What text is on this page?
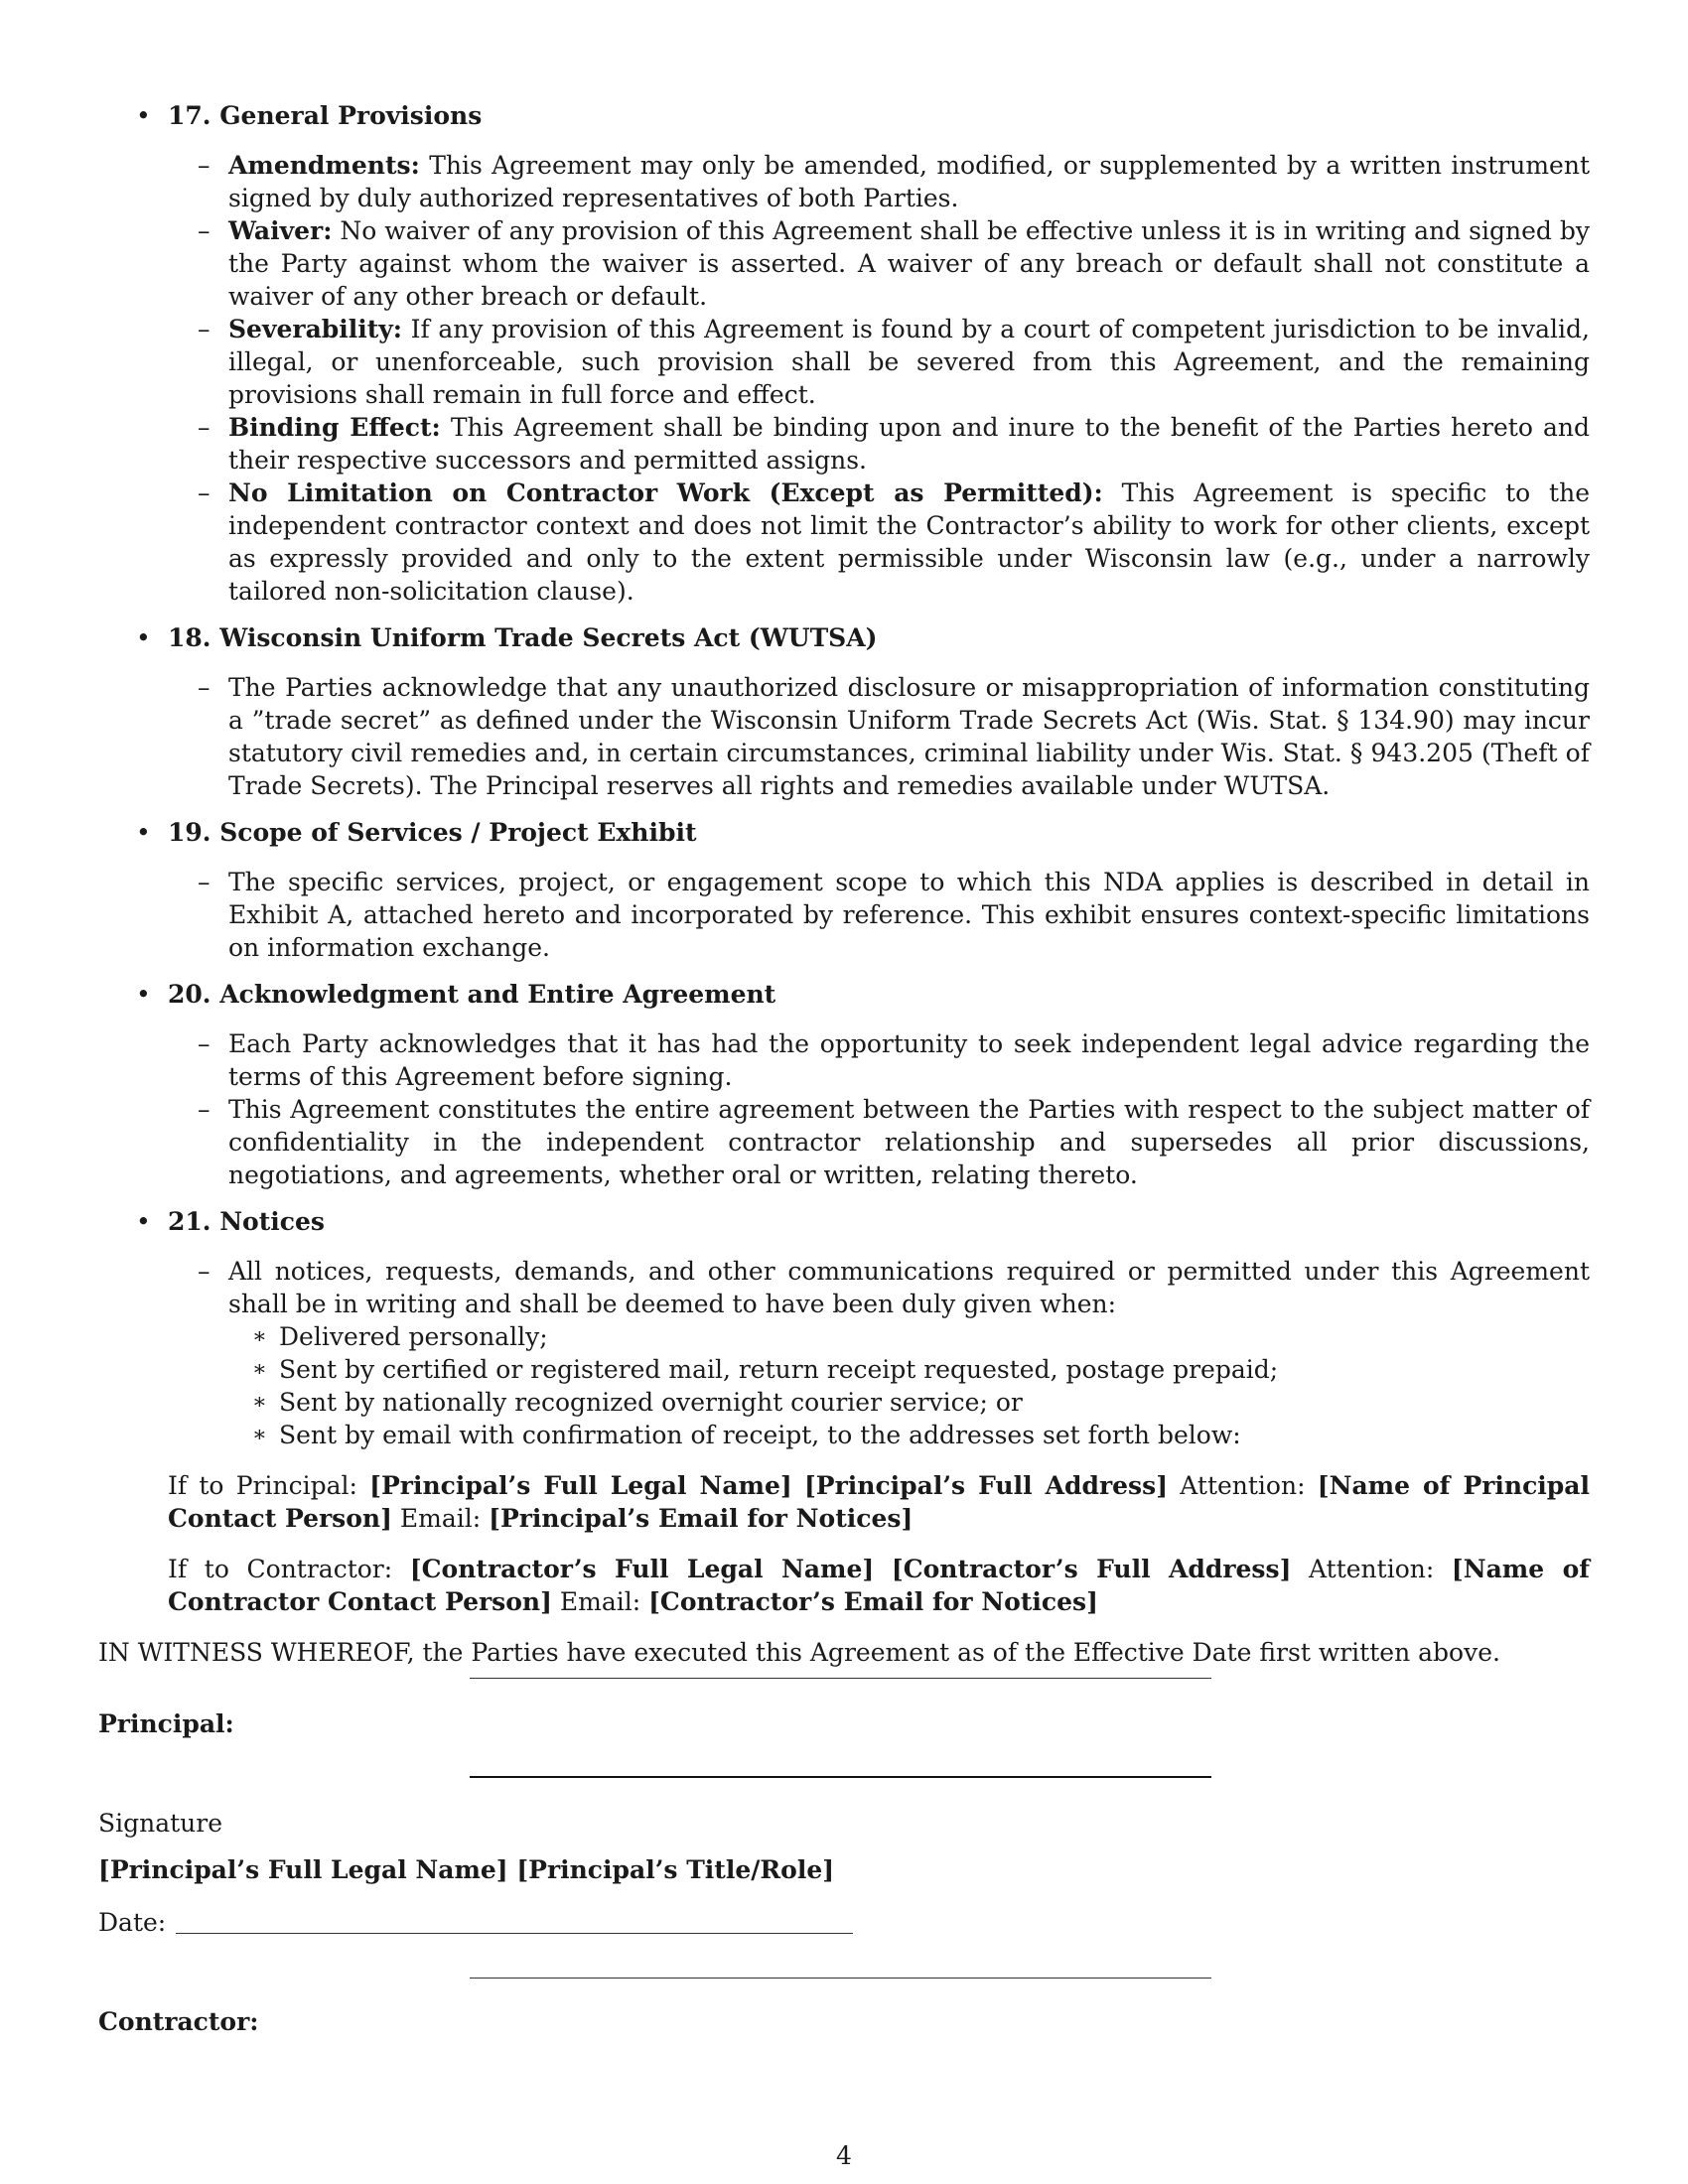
• 17. General Provisions
– Amendments: This Agreement may only be amended, modified, or supplemented by a written instrument signed by duly authorized representatives of both Parties.
– Waiver: No waiver of any provision of this Agreement shall be effective unless it is in writing and signed by the Party against whom the waiver is asserted. A waiver of any breach or default shall not constitute a waiver of any other breach or default.
– Severability: If any provision of this Agreement is found by a court of competent jurisdiction to be invalid, illegal, or unenforceable, such provision shall be severed from this Agreement, and the remaining provisions shall remain in full force and effect.
– Binding Effect: This Agreement shall be binding upon and inure to the benefit of the Parties hereto and their respective successors and permitted assigns.
– No Limitation on Contractor Work (Except as Permitted): This Agreement is specific to the independent contractor context and does not limit the Contractor’s ability to work for other clients, except as expressly provided and only to the extent permissible under Wisconsin law (e.g., under a narrowly tailored non-solicitation clause).
• 18. Wisconsin Uniform Trade Secrets Act (WUTSA)
– The Parties acknowledge that any unauthorized disclosure or misappropriation of information constituting a ”trade secret” as defined under the Wisconsin Uniform Trade Secrets Act (Wis. Stat. § 134.90) may incur statutory civil remedies and, in certain circumstances, criminal liability under Wis. Stat. § 943.205 (Theft of Trade Secrets). The Principal reserves all rights and remedies available under WUTSA.
• 19. Scope of Services / Project Exhibit
– The specific services, project, or engagement scope to which this NDA applies is described in detail in Exhibit A, attached hereto and incorporated by reference. This exhibit ensures context-specific limitations on information exchange.
• 20. Acknowledgment and Entire Agreement
– Each Party acknowledges that it has had the opportunity to seek independent legal advice regarding the terms of this Agreement before signing.
– This Agreement constitutes the entire agreement between the Parties with respect to the subject matter of confidentiality in the independent contractor relationship and supersedes all prior discussions, negotiations, and agreements, whether oral or written, relating thereto.
• 21. Notices
– All notices, requests, demands, and other communications required or permitted under this Agreement shall be in writing and shall be deemed to have been duly given when:
∗ Delivered personally;
∗ Sent by certified or registered mail, return receipt requested, postage prepaid;
∗ Sent by nationally recognized overnight courier service; or
∗ Sent by email with confirmation of receipt, to the addresses set forth below:
If to Principal: [Principal’s Full Legal Name] [Principal’s Full Address] Attention: [Name of Principal Contact Person] Email: [Principal’s Email for Notices]
If to Contractor: [Contractor’s Full Legal Name] [Contractor’s Full Address] Attention: [Name of Contractor Contact Person] Email: [Contractor’s Email for Notices]
IN WITNESS WHEREOF, the Parties have executed this Agreement as of the Effective Date first written above.
Principal:
Signature
[Principal’s Full Legal Name] [Principal’s Title/Role]
Date:
Contractor:
4
